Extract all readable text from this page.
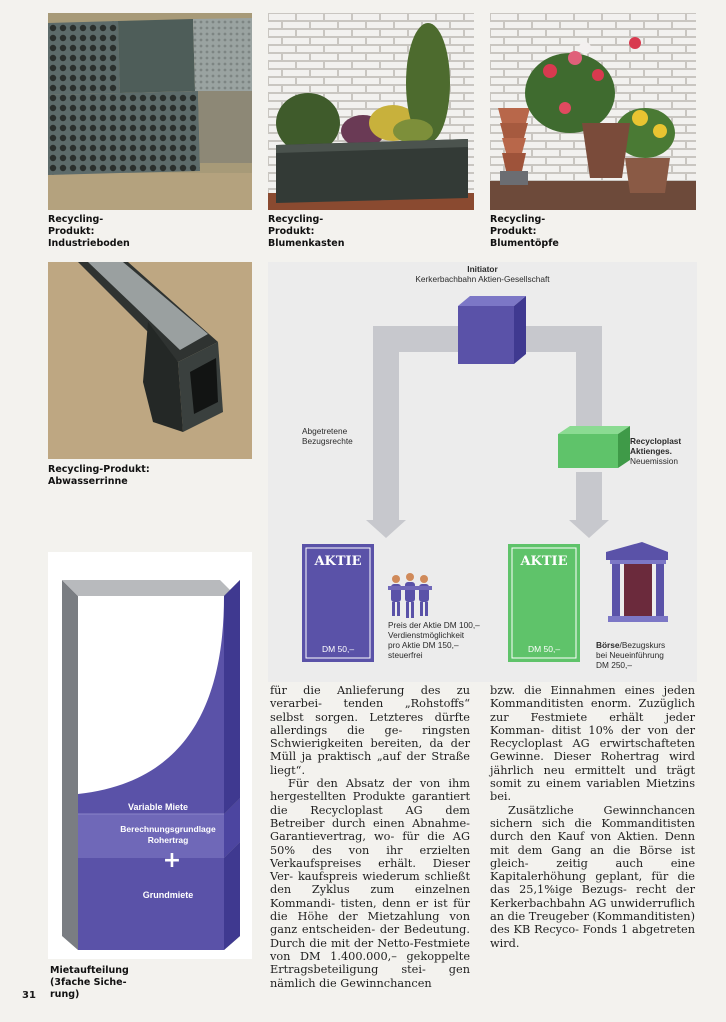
Recycling-
Produkt:
Industrieboden
Recycling-
Produkt:
Blumenkasten
Recycling-
Produkt:
Blumentöpfe
Recycling-Produkt:
Abwasserrinne
Initiator
Kerkerbachbahn Aktien-Gesellschaft
Abgetretene
Bezugsrechte	Recycloplast
Aktienges.
Neuemission

AKTIE
DM 50,–
AKTIE
DM 50,–
Preis der Aktie DM 100,–
Verdienstmöglichkeit
pro Aktie DM 150,–
steuerfrei

Börse/Bezugskurs
bei Neueinführung
DM 250,–

Variable Miete
Berechnungsgrundlage
Rohertrag
+
Grundmiete
Mietaufteilung
(3fache Siche-
rung)
31

für die Anlieferung des zu verarbei- tenden „Rohstoffs“ selbst sorgen. Letzteres dürfte allerdings die ge- ringsten Schwierigkeiten bereiten, da der Müll ja praktisch „auf der Straße liegt“.

Für den Absatz der von ihm hergestellten Produkte garantiert die Recycloplast AG dem Betreiber durch einen Abnahme-Garantievertrag, wo- für die AG 50% des von ihr erzielten Verkaufspreises erhält. Dieser Ver- kaufspreis wiederum schließt den Zyklus zum einzelnen Kommandi- tisten, denn er ist für die Höhe der Mietzahlung von ganz entscheiden- der Bedeutung. Durch die mit der Netto-Festmiete von DM 1.400.000,– gekoppelte Ertragsbeteiligung stei- gen nämlich die Gewinnchancen

bzw. die Einnahmen eines jeden Kommanditisten enorm. Zuzüglich zur Festmiete erhält jeder Komman- ditist 10% der von der Recycloplast AG erwirtschafteten Gewinne. Dieser Rohertrag wird jährlich neu ermittelt und trägt somit zu einem variablen Mietzins bei.

Zusätzliche Gewinnchancen sichern sich die Kommanditisten durch den Kauf von Aktien. Denn mit dem Gang an die Börse ist gleich- zeitig auch eine Kapitalerhöhung geplant, für die das 25,1%ige Bezugs- recht der Kerkerbachbahn AG unwiderruflich an die Treugeber (Kommanditisten) des KB Recyco- Fonds 1 abgetreten wird.
